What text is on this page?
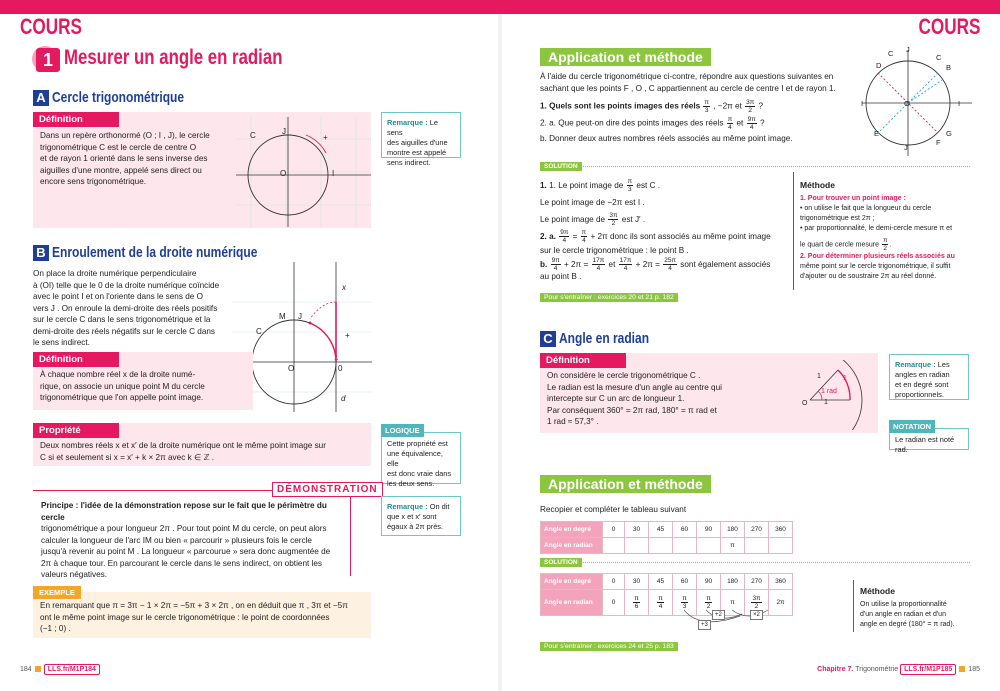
COURS	COURS
1 Mesurer un angle en radian
A Cercle trigonométrique
Définition
Dans un repère orthonormé (O ; I , J), le cercle
trigonométrique C est le cercle de centre O
et de rayon 1 orienté dans le sens inverse des
aiguilles d'une montre, appelé sens direct ou
encore sens trigonométrique.
C	J
O	I
+
Remarque : Le sens
des aiguilles d'une
montre est appelé
sens indirect.
B Enroulement de la droite numérique
On place la droite numérique perpendiculaire
à (OI) telle que le 0 de la droite numérique coïncide
avec le point I et on l'oriente dans le sens de O
vers J . On enroule la demi-droite des réels positifs
sur le cercle C dans le sens trigonométrique et la
demi-droite des réels négatifs sur le cercle C dans
le sens indirect.
x
M J
C	+
O
1
0
d
Définition
À chaque nombre réel x de la droite numé-
rique, on associe un unique point M du cercle
trigonométrique que l'on appelle point image.
Propriété
Deux nombres réels x et x′ de la droite numérique ont le même point image sur
C si et seulement si x = x′ + k × 2π avec k ∈ ℤ .
Cette propriété est
une équivalence, elle
est donc vraie dans
les deux sens.
LOGIQUE
DÉMONSTRATION
Principe : l'idée de la démonstration repose sur le fait que le périmètre du cercle
trigonométrique a pour longueur 2π . Pour tout point M du cercle, on peut alors
calculer la longueur de l'arc IM ou bien « parcourir » plusieurs fois le cercle
jusqu'à revenir au point M . La longueur « parcourue » sera donc augmentée de
2π à chaque tour. En parcourant le cercle dans le sens indirect, on obtient les
valeurs négatives.
Remarque : On dit
que x et x′ sont
égaux à 2π près.
EXEMPLE
En remarquant que π = 3π − 1 × 2π = −5π + 3 × 2π , on en déduit que π , 3π et −5π
ont le même point image sur le cercle trigonométrique : le point de coordonnées
(−1 ; 0) .
Application et méthode
À l'aide du cercle trigonométrique ci-contre, répondre aux questions suivantes en
sachant que les points F , O , C appartiennent au cercle de centre I et de rayon 1.
1. Quels sont les points images des réels $\frac{\pi}{3}$ , −2π et $\frac{3\pi}{2}$ ?
2. a. Que peut-on dire des points images des réels $\frac{\pi}{4}$ et $\frac{9\pi}{4}$ ?
b. Donner deux autres nombres réels associés au même point image.
C J
D
C
B
I	O	I
E	G
F
J
SOLUTION
1. 1. Le point image de $\frac{\pi}{3}$ est C .
Le point image de −2π est I .
Le point image de $\frac{3\pi}{2}$ est J′ .
2. a. $\frac{9\pi}{4} = \frac{\pi}{4} + 2\pi$ donc ils sont associés au même point image
sur le cercle trigonométrique : le point B .
b. $\frac{9\pi}{4} + 2\pi = \frac{17\pi}{4}$ et $\frac{17\pi}{4} + 2\pi = \frac{25\pi}{4}$ sont également associés
au point B .
Pour s'entraîner : exercices 20 et 21 p. 182
Méthode
1. Pour trouver un point image :
• on utilise le fait que la longueur du cercle
trigonométrique est 2π ;
• par proportionnalité, le demi-cercle mesure π et
le quart de cercle mesure $\frac{\pi}{2}$ .
2. Pour déterminer plusieurs réels associés au
même point sur le cercle trigonométrique, il suffit
d'ajouter ou de soustraire 2π au réel donné.
C Angle en radian
Définition
On considère le cercle trigonométrique C .
Le radian est la mesure d'un angle au centre qui
intercepte sur C un arc de longueur 1.
Par conséquent 360° = 2π rad, 180° = π rad et
1 rad ≈ 57,3° .
1	1
1 rad
1
O
Remarque : Les
angles en radian
et en degré sont
proportionnels.
Le radian est noté rad.
NOTATION
Application et méthode
Recopier et compléter le tableau suivant
Angle en degré	0	30	45	60	90	180	270	360
Angle en radian						π		
SOLUTION
Angle en degré	0	30	45	60	90	180	270	360
Angle en radian	0	$\frac{\pi}{6}$	$\frac{\pi}{4}$	$\frac{\pi}{3}$	$\frac{\pi}{2}$	π	$\frac{3\pi}{2}$	2π
+2
+3
×2
Méthode
On utilise la proportionnalité
d'un angle en radian et d'un
angle en degré (180° = π rad).
Pour s'entraîner : exercices 24 et 25 p. 183
184 LLS.fr/M1P184	Chapitre 7. Trigonométrie LLS.fr/M1P185 185
